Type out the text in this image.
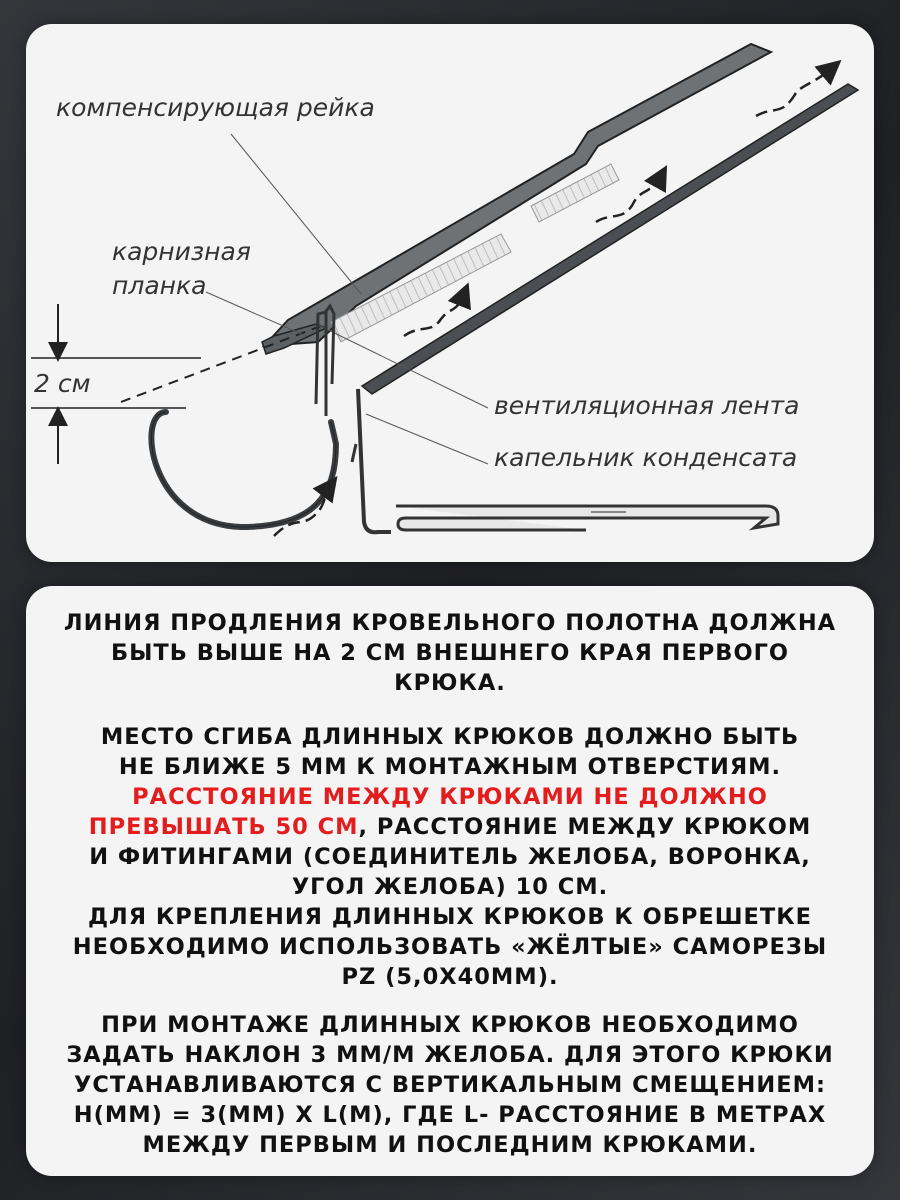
компенсирующая рейка
карнизная
планка
2 см
вентиляционная лента
капельник конденсата
ЛИНИЯ ПРОДЛЕНИЯ КРОВЕЛЬНОГО ПОЛОТНА ДОЛЖНА
БЫТЬ ВЫШЕ НА 2 СМ ВНЕШНЕГО КРАЯ ПЕРВОГО
КРЮКА.
МЕСТО СГИБА ДЛИННЫХ КРЮКОВ ДОЛЖНО БЫТЬ
НЕ БЛИЖЕ 5 ММ К МОНТАЖНЫМ ОТВЕРСТИЯМ.
РАССТОЯНИЕ МЕЖДУ КРЮКАМИ НЕ ДОЛЖНО
ПРЕВЫШАТЬ 50 СМ, РАССТОЯНИЕ МЕЖДУ КРЮКОМ
И ФИТИНГАМИ (СОЕДИНИТЕЛЬ ЖЕЛОБА, ВОРОНКА,
УГОЛ ЖЕЛОБА) 10 СМ.
ДЛЯ КРЕПЛЕНИЯ ДЛИННЫХ КРЮКОВ К ОБРЕШЕТКЕ
НЕОБХОДИМО ИСПОЛЬЗОВАТЬ «ЖЁЛТЫЕ» САМОРЕЗЫ
PZ (5,0X40ММ).
ПРИ МОНТАЖЕ ДЛИННЫХ КРЮКОВ НЕОБХОДИМО
ЗАДАТЬ НАКЛОН 3 ММ/М ЖЕЛОБА. ДЛЯ ЭТОГО КРЮКИ
УСТАНАВЛИВАЮТСЯ С ВЕРТИКАЛЬНЫМ СМЕЩЕНИЕМ:
H(ММ) = 3(ММ) X L(М), ГДЕ L- РАССТОЯНИЕ В МЕТРАХ
МЕЖДУ ПЕРВЫМ И ПОСЛЕДНИМ КРЮКАМИ.
